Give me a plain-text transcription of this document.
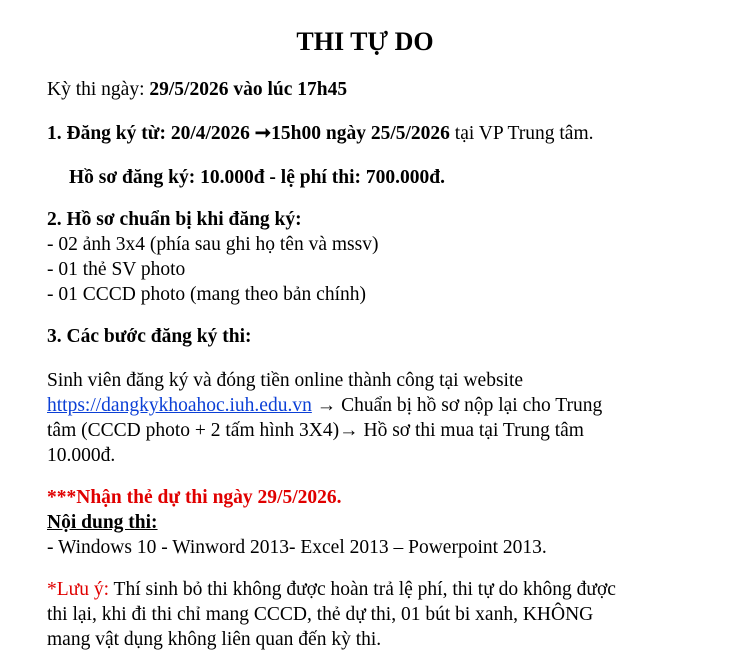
THI TỰ DO
Kỳ thi ngày: 29/5/2026 vào lúc 17h45
1. Đăng ký từ: 20/4/2026 ➞15h00 ngày 25/5/2026 tại VP Trung tâm.
Hồ sơ đăng ký: 10.000đ - lệ phí thi: 700.000đ.
2. Hồ sơ chuẩn bị khi đăng ký:
- 02 ảnh 3x4 (phía sau ghi họ tên và mssv)
- 01 thẻ SV photo
- 01 CCCD photo (mang theo bản chính)
3. Các bước đăng ký thi:
Sinh viên đăng ký và đóng tiền online thành công tại website
https://dangkykhoahoc.iuh.edu.vn → Chuẩn bị hồ sơ nộp lại cho Trung
tâm (CCCD photo + 2 tấm hình 3X4)→ Hồ sơ thi mua tại Trung tâm
10.000đ.
***Nhận thẻ dự thi ngày 29/5/2026.
Nội dung thi:
- Windows 10 - Winword 2013- Excel 2013 – Powerpoint 2013.
*Lưu ý: Thí sinh bỏ thi không được hoàn trả lệ phí, thi tự do không được
thi lại, khi đi thi chỉ mang CCCD, thẻ dự thi, 01 bút bi xanh, KHÔNG
mang vật dụng không liên quan đến kỳ thi.
